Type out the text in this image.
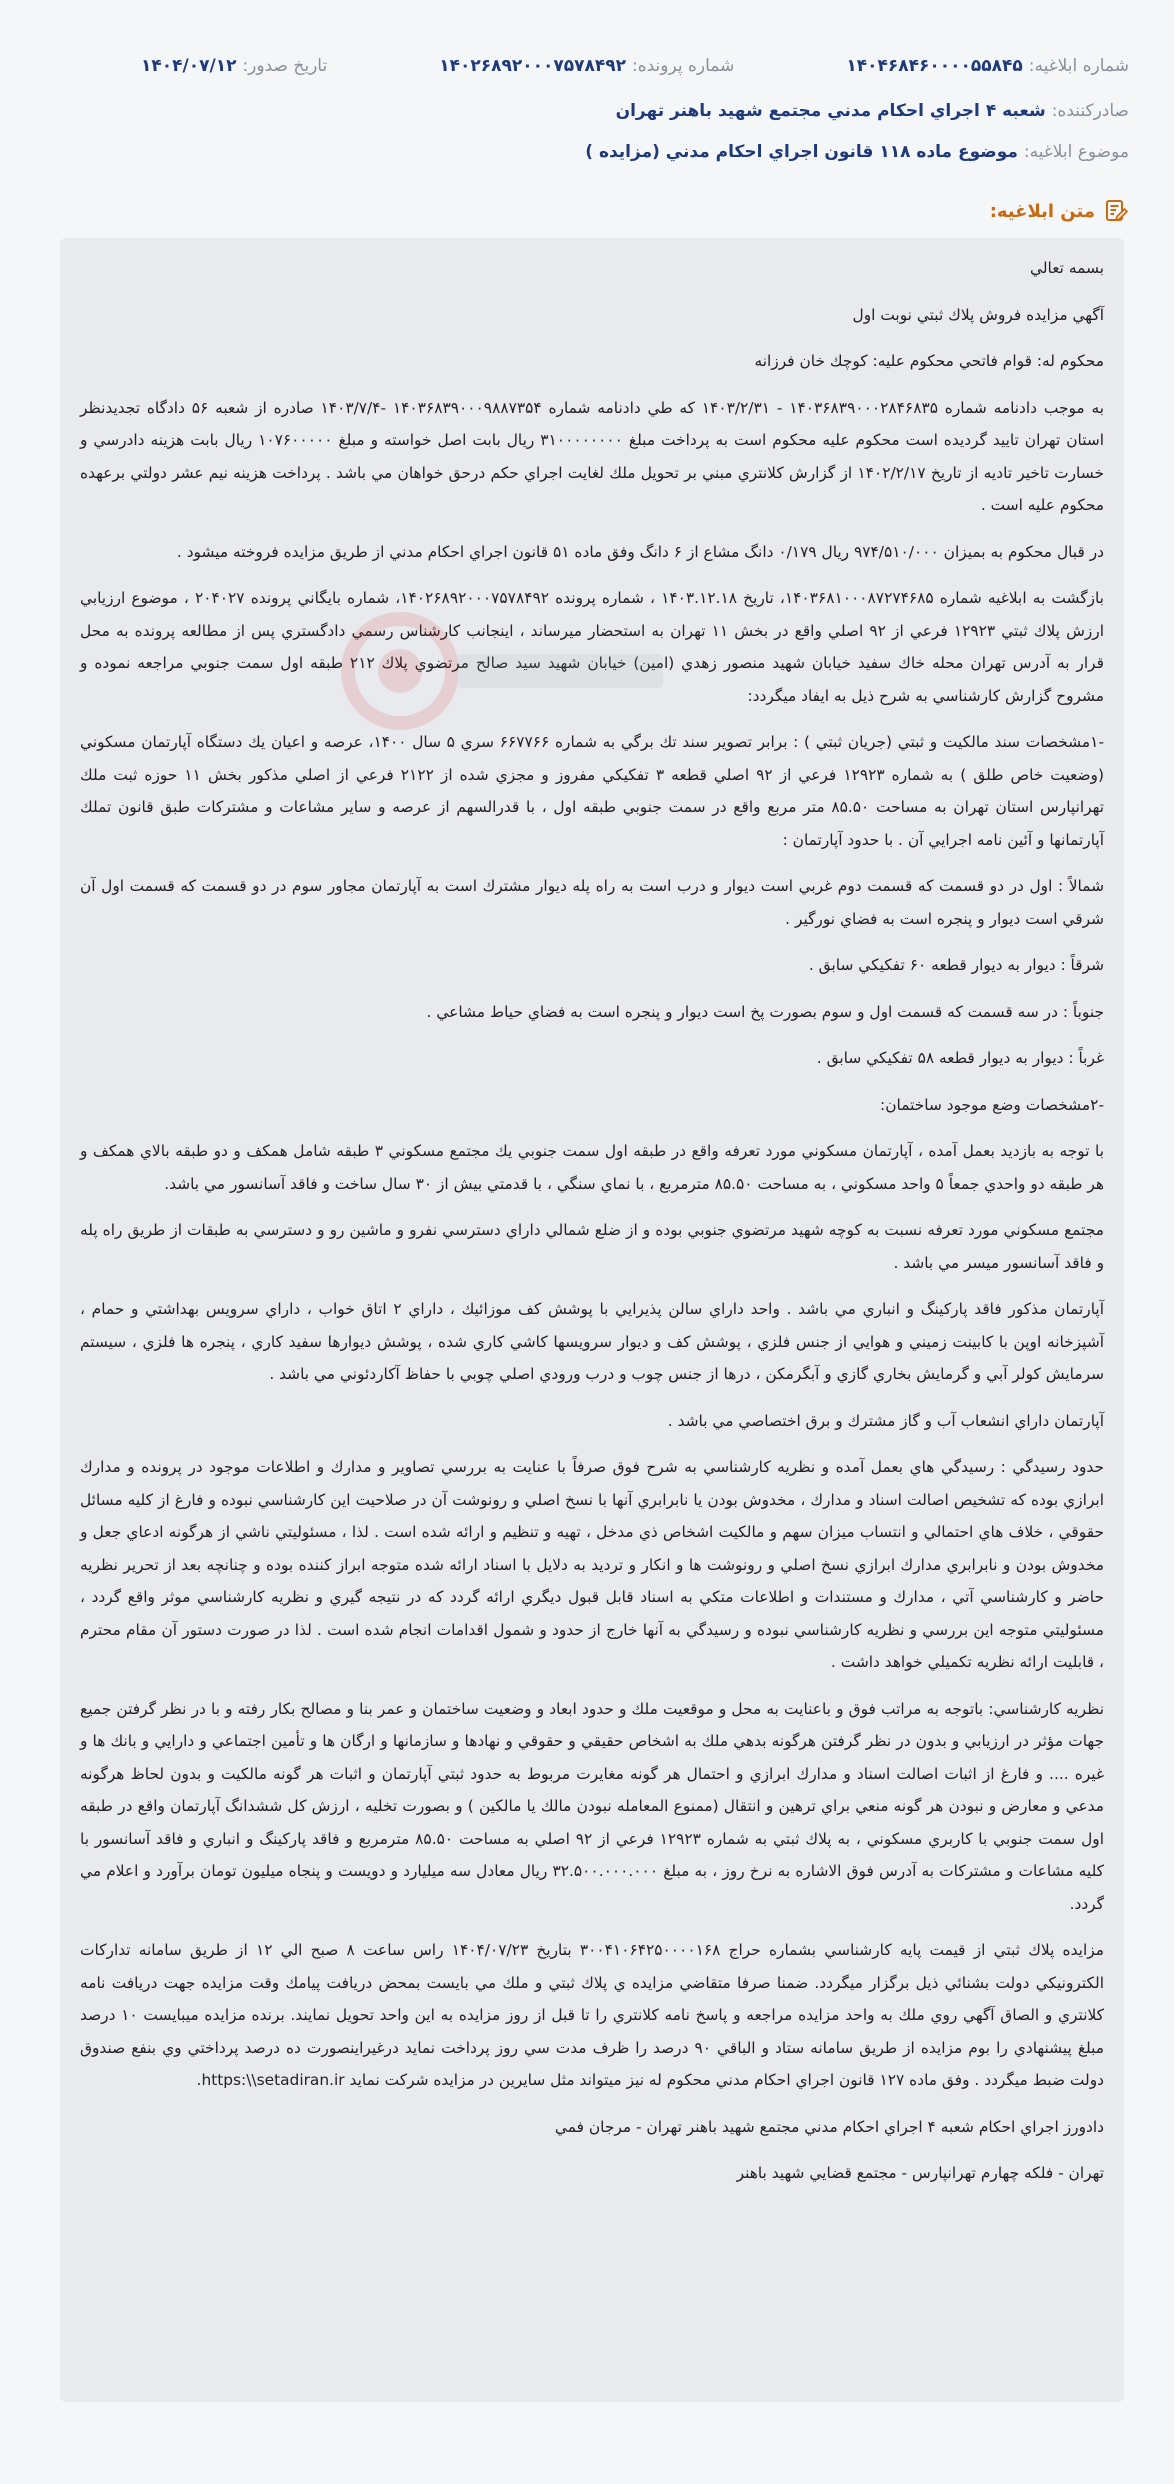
شماره ابلاغيه:
۱۴۰۴۶۸۴۶۰۰۰۰۵۵۸۴۵
شماره پرونده:
۱۴۰۲۶۸۹۲۰۰۰۷۵۷۸۴۹۲
تاريخ صدور:
۱۴۰۴/۰۷/۱۲
صادرکننده:
شعبه ۴ اجراي احكام مدني مجتمع شهيد باهنر تهران
موضوع ابلاغیه:
موضوع ماده ۱۱۸ قانون اجراي احكام مدني (مزايده )
متن ابلاغیه:

بسمه تعالي

آگهي مزايده فروش پلاك ثبتي نوبت اول

محكوم له: قوام فاتحي محكوم عليه: كوچك خان فرزانه

به موجب دادنامه شماره ۱۴۰۳۶۸۳۹۰۰۰۲۸۴۶۸۳۵ - ۱۴۰۳/۲/۳۱ كه طي دادنامه شماره ۱۴۰۳۶۸۳۹۰۰۰۹۸۸۷۳۵۴ -۱۴۰۳/۷/۴ صادره از شعبه ۵۶ دادگاه تجديدنظر استان تهران تاييد گرديده است محكوم عليه محكوم است به پرداخت مبلغ ۳۱۰۰۰۰۰۰۰۰ ريال بابت اصل خواسته و مبلغ ۱۰۷۶۰۰۰۰۰ ريال بابت هزينه دادرسي و خسارت تاخير تاديه از تاريخ ۱۴۰۲/۲/۱۷ از گزارش كلانتري مبني بر تحويل ملك لغايت اجراي حكم درحق خواهان مي باشد . پرداخت هزينه نيم عشر دولتي برعهده محكوم عليه است .

در قبال محكوم به بميزان ۹۷۴/۵۱۰/۰۰۰ ريال ۰/۱۷۹ دانگ مشاع از ۶ دانگ وفق ماده ۵۱ قانون اجراي احكام مدني از طريق مزايده فروخته ميشود .

بازگشت به ابلاغيه شماره ۱۴۰۳۶۸۱۰۰۰۸۷۲۷۴۶۸۵، تاريخ ۱۴۰۳.۱۲.۱۸ ، شماره پرونده ۱۴۰۲۶۸۹۲۰۰۰۷۵۷۸۴۹۲، شماره بايگاني پرونده ۲۰۴۰۲۷ ، موضوع ارزيابي ارزش پلاك ثبتي ۱۲۹۲۳ فرعي از ۹۲ اصلي واقع در بخش ۱۱ تهران به استحضار ميرساند ، اينجانب كارشناس رسمي دادگستري پس از مطالعه پرونده به محل قرار به آدرس تهران محله خاك سفيد خيابان شهيد منصور زهدي (امين) خيابان شهيد سيد صالح مرتضوي پلاك ۲۱۲ طبقه اول سمت جنوبي مراجعه نموده و مشروح گزارش كارشناسي به شرح ذيل به ايفاد ميگردد:

-۱مشخصات سند مالكيت و ثبتي (جريان ثبتي ) : برابر تصوير سند تك برگي به شماره ۶۶۷۷۶۶ سري ۵ سال ۱۴۰۰، عرصه و اعيان يك دستگاه آپارتمان مسكوني (وضعيت خاص طلق ) به شماره ۱۲۹۲۳ فرعي از ۹۲ اصلي قطعه ۳ تفكيكي مفروز و مجزي شده از ۲۱۲۲ فرعي از اصلي مذكور بخش ۱۱ حوزه ثبت ملك تهرانپارس استان تهران به مساحت ۸۵.۵۰ متر مربع واقع در سمت جنوبي طبقه اول ، با قدرالسهم از عرصه و ساير مشاعات و مشتركات طبق قانون تملك آپارتمانها و آئين نامه اجرايي آن . با حدود آپارتمان :

شمالاً : اول در دو قسمت كه قسمت دوم غربي است ديوار و درب است به راه پله ديوار مشترك است به آپارتمان مجاور سوم در دو قسمت كه قسمت اول آن شرقي است ديوار و پنجره است به فضاي نورگير .

شرقاً : ديوار به ديوار قطعه ۶۰ تفكيكي سابق .

جنوباً : در سه قسمت كه قسمت اول و سوم بصورت پخ است ديوار و پنجره است به فضاي حياط مشاعي .

غرباً : ديوار به ديوار قطعه ۵۸ تفكيكي سابق .

-۲مشخصات وضع موجود ساختمان:

با توجه به بازديد بعمل آمده ، آپارتمان مسكوني مورد تعرفه واقع در طبقه اول سمت جنوبي يك مجتمع مسكوني ۳ طبقه شامل همكف و دو طبقه بالاي همكف و هر طبقه دو واحدي جمعاً ۵ واحد مسكوني ، به مساحت ۸۵.۵۰ مترمربع ، با نماي سنگي ، با قدمتي بيش از ۳۰ سال ساخت و فاقد آسانسور مي باشد.

مجتمع مسكوني مورد تعرفه نسبت به كوچه شهيد مرتضوي جنوبي بوده و از ضلع شمالي داراي دسترسي نفرو و ماشين رو و دسترسي به طبقات از طريق راه پله و فاقد آسانسور ميسر مي باشد .

آپارتمان مذكور فاقد پاركينگ و انباري مي باشد . واحد داراي سالن پذيرايي با پوشش كف موزائيك ، داراي ۲ اتاق خواب ، داراي سرويس بهداشتي و حمام ، آشپزخانه اوپن با كابينت زميني و هوايي از جنس فلزي ، پوشش كف و ديوار سرويسها كاشي كاري شده ، پوشش ديوارها سفيد كاري ، پنجره ها فلزي ، سيستم سرمايش كولر آبي و گرمايش بخاري گازي و آبگرمكن ، درها از جنس چوب و درب ورودي اصلي چوبي با حفاظ آكاردئوني مي باشد .

آپارتمان داراي انشعاب آب و گاز مشترك و برق اختصاصي مي باشد .

حدود رسيدگي : رسيدگي هاي بعمل آمده و نظريه كارشناسي به شرح فوق صرفاً با عنايت به بررسي تصاوير و مدارك و اطلاعات موجود در پرونده و مدارك ابرازي بوده كه تشخيص اصالت اسناد و مدارك ، مخدوش بودن يا نابرابري آنها با نسخ اصلي و رونوشت آن در صلاحيت اين كارشناسي نبوده و فارغ از كليه مسائل حقوقي ، خلاف هاي احتمالي و انتساب ميزان سهم و مالكيت اشخاص ذي مدخل ، تهيه و تنظيم و ارائه شده است . لذا ، مسئوليتي ناشي از هرگونه ادعاي جعل و مخدوش بودن و نابرابري مدارك ابرازي نسخ اصلي و رونوشت ها و انكار و ترديد به دلايل با اسناد ارائه شده متوجه ابراز كننده بوده و چنانچه بعد از تحرير نظريه حاضر و كارشناسي آتي ، مدارك و مستندات و اطلاعات متكي به اسناد قابل قبول ديگري ارائه گردد كه در نتيجه گيري و نظريه كارشناسي موثر واقع گردد ، مسئوليتي متوجه اين بررسي و نظريه كارشناسي نبوده و رسيدگي به آنها خارج از حدود و شمول اقدامات انجام شده است . لذا در صورت دستور آن مقام محترم ، قابليت ارائه نظريه تكميلي خواهد داشت .

نظريه كارشناسي: باتوجه به مراتب فوق و باعنايت به محل و موقعيت ملك و حدود ابعاد و وضعيت ساختمان و عمر بنا و مصالح بكار رفته و با در نظر گرفتن جميع جهات مؤثر در ارزيابي و بدون در نظر گرفتن هرگونه بدهي ملك به اشخاص حقيقي و حقوقي و نهادها و سازمانها و ارگان ها و تأمين اجتماعي و دارايي و بانك ها و غيره .... و فارغ از اثبات اصالت اسناد و مدارك ابرازي و احتمال هر گونه مغايرت مربوط به حدود ثبتي آپارتمان و اثبات هر گونه مالكيت و بدون لحاظ هرگونه مدعي و معارض و نبودن هر گونه منعي براي ترهين و انتقال (ممنوع المعامله نبودن مالك يا مالكين ) و بصورت تخليه ، ارزش كل ششدانگ آپارتمان واقع در طبقه اول سمت جنوبي با كاربري مسكوني ، به پلاك ثبتي به شماره ۱۲۹۲۳ فرعي از ۹۲ اصلي به مساحت ۸۵.۵۰ مترمربع و فاقد پاركينگ و انباري و فاقد آسانسور با كليه مشاعات و مشتركات به آدرس فوق الاشاره به نرخ روز ، به مبلغ ۳۲.۵۰۰.۰۰۰.۰۰۰ ريال معادل سه ميليارد و دويست و پنجاه ميليون تومان برآورد و اعلام مي گردد.

مزايده پلاك ثبتي از قيمت پايه كارشناسي بشماره حراج ۳۰۰۴۱۰۶۴۲۵۰۰۰۰۱۶۸ بتاريخ ۱۴۰۴/۰۷/۲۳ راس ساعت ۸ صبح الي ۱۲ از طريق سامانه تداركات الكترونيكي دولت بشنائي ذيل برگزار ميگردد. ضمنا صرفا متقاضي مزايده ي پلاك ثبتي و ملك مي بايست بمحض دريافت پيامك وقت مزايده جهت دريافت نامه كلانتري و الصاق آگهي روي ملك به واحد مزايده مراجعه و پاسخ نامه كلانتري را تا قبل از روز مزايده به اين واحد تحويل نمايند. برنده مزايده ميبايست ۱۰ درصد مبلغ پيشنهادي را بوم مزايده از طريق سامانه ستاد و الباقي ۹۰ درصد را ظرف مدت سي روز پرداخت نمايد درغيراينصورت ده درصد پرداختي وي بنفع صندوق دولت ضبط ميگردد . وفق ماده ۱۲۷ قانون اجراي احكام مدني محكوم له نيز ميتواند مثل سايرين در مزايده شركت نمايد https:\\setadiran.ir.

دادورز اجراي احكام شعبه ۴ اجراي احكام مدني مجتمع شهيد باهنر تهران - مرجان فمي

تهران - فلكه چهارم تهرانپارس - مجتمع قضايي شهيد باهنر
